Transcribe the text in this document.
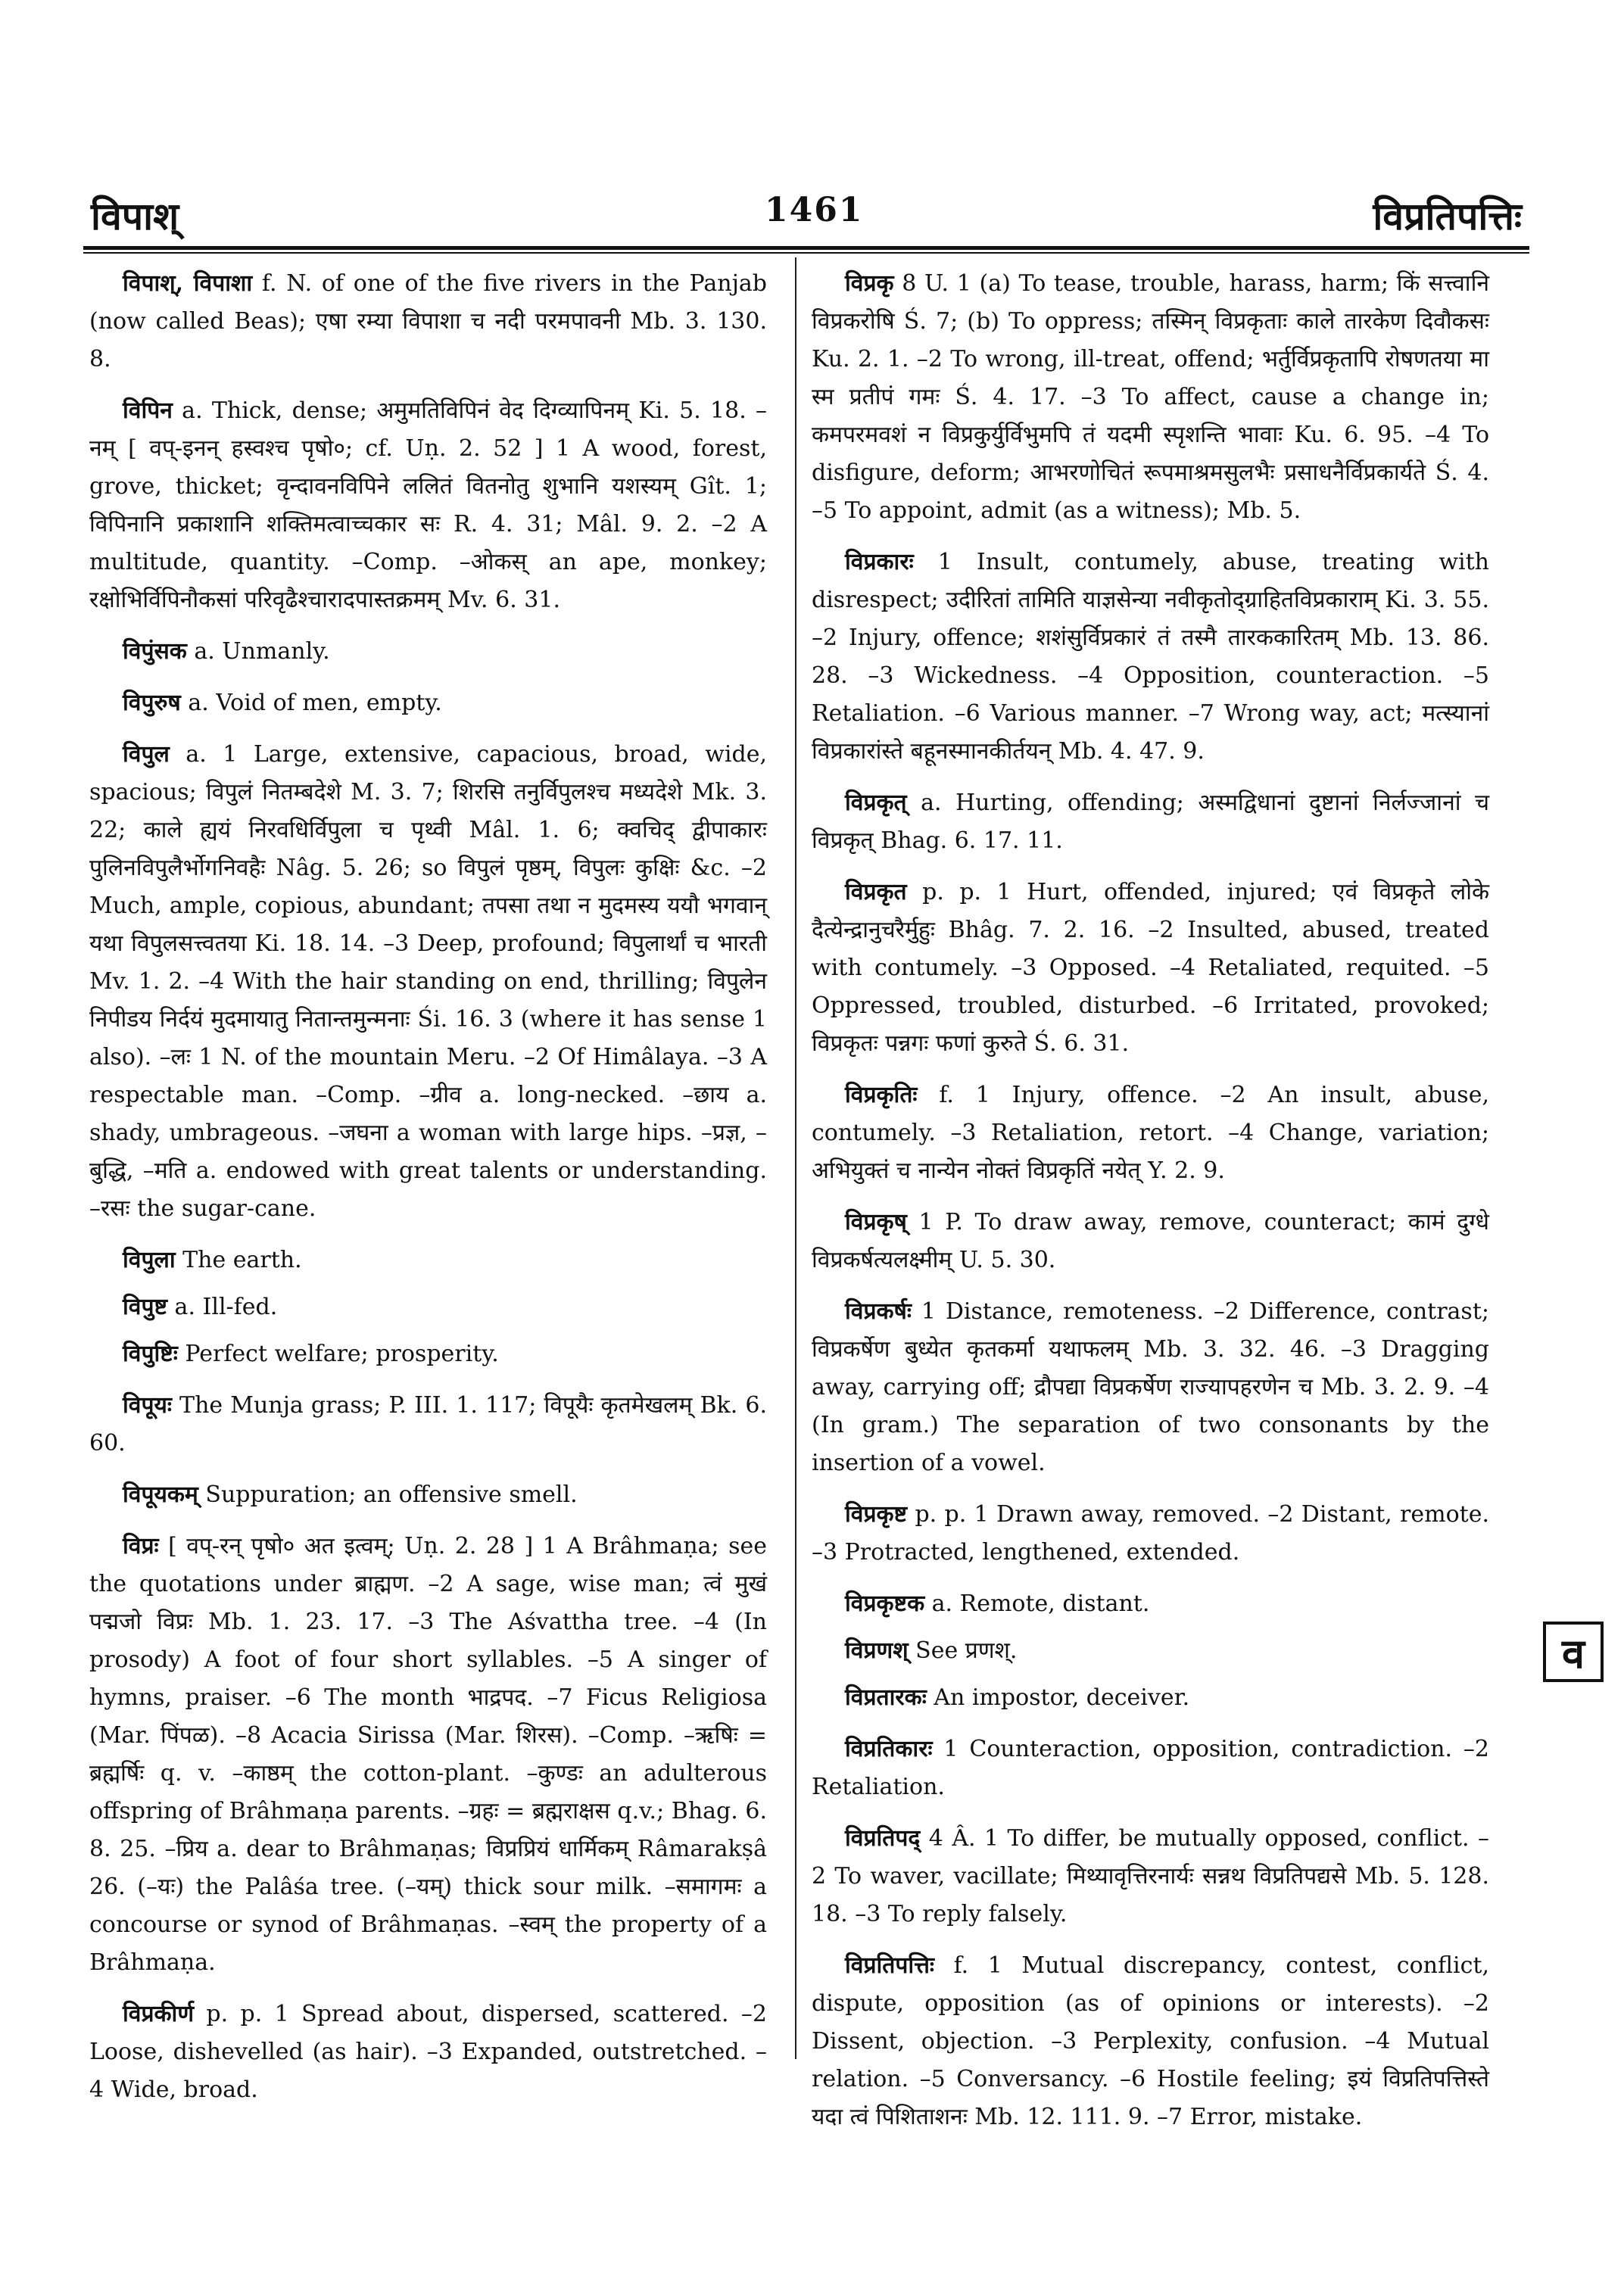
विपाश्	1461	विप्रतिपत्तिः

विपाश्, विपाशा f. N. of one of the five rivers in the Panjab (now called Beas); एषा रम्या विपाशा च नदी परमपावनी Mb. 3. 130. 8.

विपिन a. Thick, dense; अमुमतिविपिनं वेद दिग्व्यापिनम् Ki. 5. 18. –नम् [ वप्-इनन् हस्वश्च पृषो०; cf. Uṇ. 2. 52 ] 1 A wood, forest, grove, thicket; वृन्दावनविपिने ललितं वितनोतु शुभानि यशस्यम् Gît. 1; विपिनानि प्रकाशानि शक्तिमत्वाच्चकार सः R. 4. 31; Mâl. 9. 2. –2 A multitude, quantity. –Comp. –ओकस् an ape, monkey; रक्षोभिर्विपिनौकसां परिवृढैश्चारादपास्तक्रमम् Mv. 6. 31.

विपुंसक a. Unmanly.

विपुरुष a. Void of men, empty.

विपुल a. 1 Large, extensive, capacious, broad, wide, spacious; विपुलं नितम्बदेशे M. 3. 7; शिरसि तनुर्विपुलश्च मध्यदेशे Mk. 3. 22; काले ह्ययं निरवधिर्विपुला च पृथ्वी Mâl. 1. 6; क्वचिद् द्वीपाकारः पुलिनविपुलैर्भोगनिवहैः Nâg. 5. 26; so विपुलं पृष्ठम्, विपुलः कुक्षिः &c. –2 Much, ample, copious, abundant; तपसा तथा न मुदमस्य ययौ भगवान् यथा विपुलसत्त्वतया Ki. 18. 14. –3 Deep, profound; विपुलार्थां च भारती Mv. 1. 2. –4 With the hair standing on end, thrilling; विपुलेन निपीडय निर्दयं मुदमायातु नितान्तमुन्मनाः Śi. 16. 3 (where it has sense 1 also). –लः 1 N. of the mountain Meru. –2 Of Himâlaya. –3 A respectable man. –Comp. –ग्रीव a. long-necked. –छाय a. shady, umbrageous. –जघना a woman with large hips. –प्रज्ञ, –बुद्धि, –मति a. endowed with great talents or understanding. –रसः the sugar-cane.

विपुला The earth.

विपुष्ट a. Ill-fed.

विपुष्टिः Perfect welfare; prosperity.

विपूयः The Munja grass; P. III. 1. 117; विपूयैः कृतमेखलम् Bk. 6. 60.

विपूयकम् Suppuration; an offensive smell.

विप्रः [ वप्-रन् पृषो० अत इत्वम्; Uṇ. 2. 28 ] 1 A Brâhmaṇa; see the quotations under ब्राह्मण. –2 A sage, wise man; त्वं मुखं पद्मजो विप्रः Mb. 1. 23. 17. –3 The Aśvattha tree. –4 (In prosody) A foot of four short syllables. –5 A singer of hymns, praiser. –6 The month भाद्रपद. –7 Ficus Religiosa (Mar. पिंपळ). –8 Acacia Sirissa (Mar. शिरस). –Comp. –ऋषिः = ब्रह्मर्षिः q. v. –काष्ठम् the cotton-plant. –कुण्डः an adulterous offspring of Brâhmaṇa parents. –ग्रहः = ब्रह्मराक्षस q.v.; Bhag. 6. 8. 25. –प्रिय a. dear to Brâhmaṇas; विप्रप्रियं धार्मिकम् Râmarakṣâ 26. (–यः) the Palâśa tree. (–यम्) thick sour milk. –समागमः a concourse or synod of Brâhmaṇas. –स्वम् the property of a Brâhmaṇa.

विप्रकीर्ण p. p. 1 Spread about, dispersed, scattered. –2 Loose, dishevelled (as hair). –3 Expanded, outstretched. –4 Wide, broad.

विप्रकृ 8 U. 1 (a) To tease, trouble, harass, harm; किं सत्त्वानि विप्रकरोषि Ś. 7; (b) To oppress; तस्मिन् विप्रकृताः काले तारकेण दिवौकसः Ku. 2. 1. –2 To wrong, ill-treat, offend; भर्तुर्विप्रकृतापि रोषणतया मा स्म प्रतीपं गमः Ś. 4. 17. –3 To affect, cause a change in; कमपरमवशं न विप्रकुर्युर्विभुमपि तं यदमी स्पृशन्ति भावाः Ku. 6. 95. –4 To disfigure, deform; आभरणोचितं रूपमाश्रमसुलभैः प्रसाधनैर्विप्रकार्यते Ś. 4. –5 To appoint, admit (as a witness); Mb. 5.

विप्रकारः 1 Insult, contumely, abuse, treating with disrespect; उदीरितां तामिति याज्ञसेन्या नवीकृतोद्ग्राहितविप्रकाराम् Ki. 3. 55. –2 Injury, offence; शशंसुर्विप्रकारं तं तस्मै तारककारितम् Mb. 13. 86. 28. –3 Wickedness. –4 Opposition, counteraction. –5 Retaliation. –6 Various manner. –7 Wrong way, act; मत्स्यानां विप्रकारांस्ते बहूनस्मानकीर्तयन् Mb. 4. 47. 9.

विप्रकृत् a. Hurting, offending; अस्मद्विधानां दुष्टानां निर्लज्जानां च विप्रकृत् Bhag. 6. 17. 11.

विप्रकृत p. p. 1 Hurt, offended, injured; एवं विप्रकृते लोके दैत्येन्द्रानुचरैर्मुहुः Bhâg. 7. 2. 16. –2 Insulted, abused, treated with contumely. –3 Opposed. –4 Retaliated, requited. –5 Oppressed, troubled, disturbed. –6 Irritated, provoked; विप्रकृतः पन्नगः फणां कुरुते Ś. 6. 31.

विप्रकृतिः f. 1 Injury, offence. –2 An insult, abuse, contumely. –3 Retaliation, retort. –4 Change, variation; अभियुक्तं च नान्येन नोक्तं विप्रकृतिं नयेत् Y. 2. 9.

विप्रकृष् 1 P. To draw away, remove, counteract; कामं दुग्धे विप्रकर्षत्यलक्ष्मीम् U. 5. 30.

विप्रकर्षः 1 Distance, remoteness. –2 Difference, contrast; विप्रकर्षेण बुध्येत कृतकर्मा यथाफलम् Mb. 3. 32. 46. –3 Dragging away, carrying off; द्रौपद्या विप्रकर्षेण राज्यापहरणेन च Mb. 3. 2. 9. –4 (In gram.) The separation of two consonants by the insertion of a vowel.

विप्रकृष्ट p. p. 1 Drawn away, removed. –2 Distant, remote. –3 Protracted, lengthened, extended.

विप्रकृष्टक a. Remote, distant.

विप्रणश् See प्रणश्.

विप्रतारकः An impostor, deceiver.

विप्रतिकारः 1 Counteraction, opposition, contradiction. –2 Retaliation.

विप्रतिपद् 4 Â. 1 To differ, be mutually opposed, conflict. –2 To waver, vacillate; मिथ्यावृत्तिरनार्यः सन्नथ विप्रतिपद्यसे Mb. 5. 128. 18. –3 To reply falsely.

विप्रतिपत्तिः f. 1 Mutual discrepancy, contest, conflict, dispute, opposition (as of opinions or interests). –2 Dissent, objection. –3 Perplexity, confusion. –4 Mutual relation. –5 Conversancy. –6 Hostile feeling; इयं विप्रतिपत्तिस्ते यदा त्वं पिशिताशनः Mb. 12. 111. 9. –7 Error, mistake.

व
